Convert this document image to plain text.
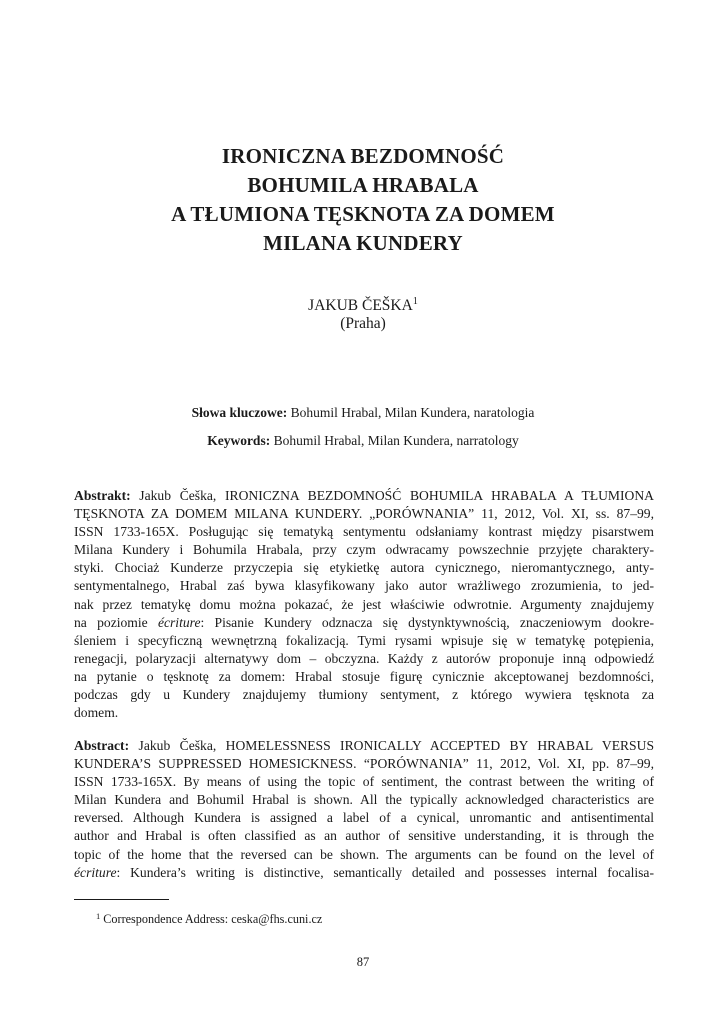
IRONICZNA BEZDOMNOŚĆ
BOHUMILA HRABALA
A TŁUMIONA TĘSKNOTA ZA DOMEM
MILANA KUNDERY
JAKUB ČEŠKA$^1$
(Praha)
Słowa kluczowe: Bohumil Hrabal, Milan Kundera, naratologia
Keywords: Bohumil Hrabal, Milan Kundera, narratology
Abstrakt: Jakub Češka, IRONICZNA BEZDOMNOŚĆ BOHUMILA HRABALA A TŁUMIONA
TĘSKNOTA ZA DOMEM MILANA KUNDERY. „PORÓWNANIA” 11, 2012, Vol. XI, ss. 87–99,
ISSN 1733-165X. Posługując się tematyką sentymentu odsłaniamy kontrast między pisarstwem
Milana Kundery i Bohumila Hrabala, przy czym odwracamy powszechnie przyjęte charaktery-
styki. Chociaż Kunderze przyczepia się etykietkę autora cynicznego, nieromantycznego, anty-
sentymentalnego, Hrabal zaś bywa klasyfikowany jako autor wrażliwego zrozumienia, to jed-
nak przez tematykę domu można pokazać, że jest właściwie odwrotnie. Argumenty znajdujemy
na poziomie écriture: Pisanie Kundery odznacza się dystynktywnością, znaczeniowym dookre-
śleniem i specyficzną wewnętrzną fokalizacją. Tymi rysami wpisuje się w tematykę potępienia,
renegacji, polaryzacji alternatywy dom – obczyzna. Każdy z autorów proponuje inną odpowiedź
na pytanie o tęsknotę za domem: Hrabal stosuje figurę cynicznie akceptowanej bezdomności,
podczas gdy u Kundery znajdujemy tłumiony sentyment, z którego wywiera tęsknota za
domem.
Abstract: Jakub Češka, HOMELESSNESS IRONICALLY ACCEPTED BY HRABAL VERSUS
KUNDERA’S SUPPRESSED HOMESICKNESS. “PORÓWNANIA” 11, 2012, Vol. XI, pp. 87–99,
ISSN 1733-165X. By means of using the topic of sentiment, the contrast between the writing of
Milan Kundera and Bohumil Hrabal is shown. All the typically acknowledged characteristics are
reversed. Although Kundera is assigned a label of a cynical, unromantic and antisentimental
author and Hrabal is often classified as an author of sensitive understanding, it is through the
topic of the home that the reversed can be shown. The arguments can be found on the level of
écriture: Kundera’s writing is distinctive, semantically detailed and possesses internal focalisa-
$^1$ Correspondence Address: ceska@fhs.cuni.cz
87
